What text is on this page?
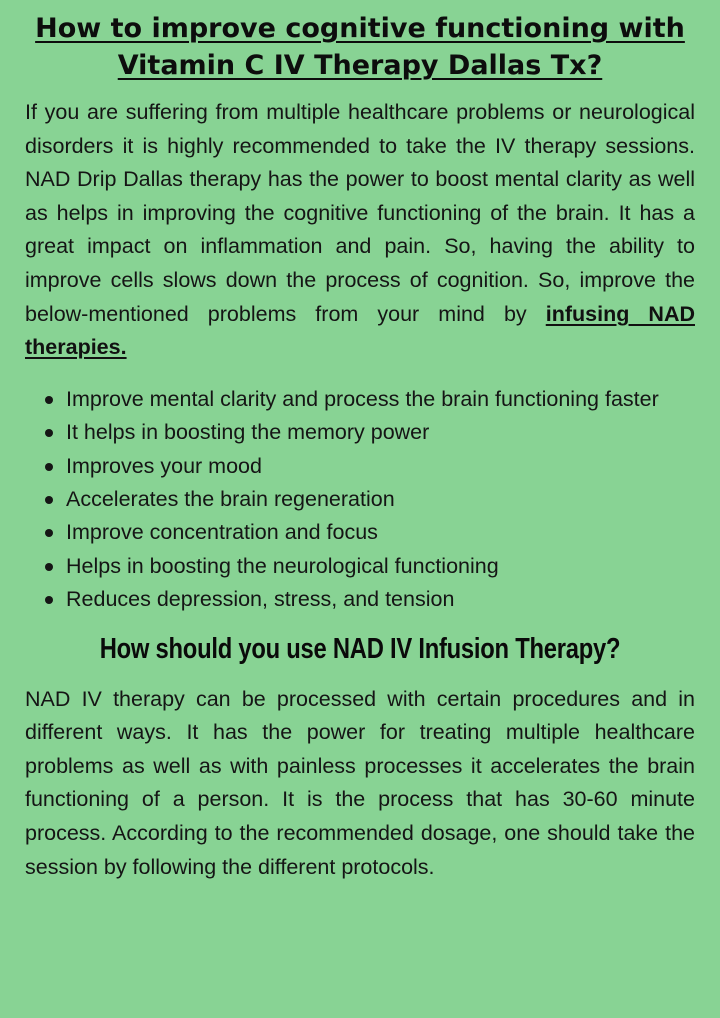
How to improve cognitive functioning with
Vitamin C IV Therapy Dallas Tx?

If you are suffering from multiple healthcare problems or neurological disorders it is highly recommended to take the IV therapy sessions. NAD Drip Dallas therapy has the power to boost mental clarity as well as helps in improving the cognitive functioning of the brain. It has a great impact on inflammation and pain. So, having the ability to improve cells slows down the process of cognition. So, improve the below-mentioned problems from your mind by infusing NAD therapies.

Improve mental clarity and process the brain functioning faster
It helps in boosting the memory power
Improves your mood
Accelerates the brain regeneration
Improve concentration and focus
Helps in boosting the neurological functioning
Reduces depression, stress, and tension
How should you use NAD IV Infusion Therapy?

NAD IV therapy can be processed with certain procedures and in different ways. It has the power for treating multiple healthcare problems as well as with painless processes it accelerates the brain functioning of a person. It is the process that has 30-60 minute process. According to the recommended dosage, one should take the session by following the different protocols.
